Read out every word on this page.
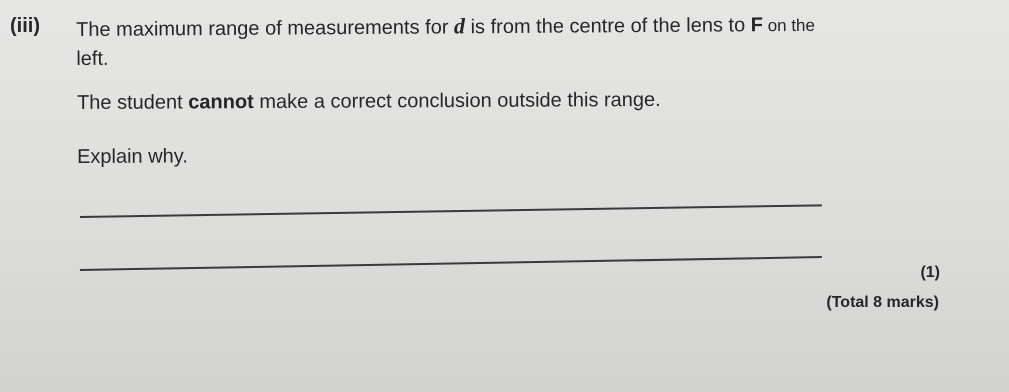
(iii) The maximum range of measurements for d is from the centre of the lens to F on the
left.
The student cannot make a correct conclusion outside this range.
Explain why.
(1)
(Total 8 marks)
